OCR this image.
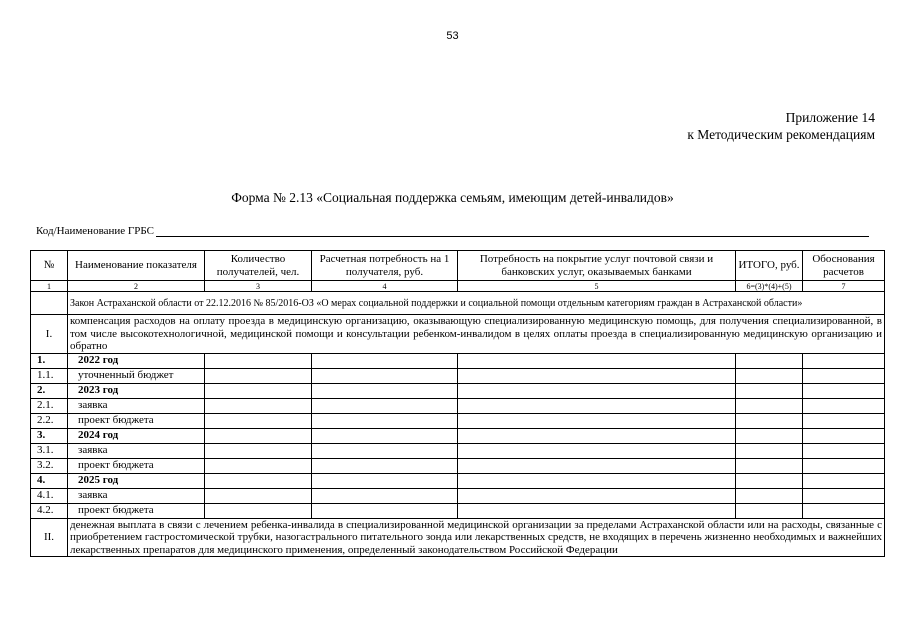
53
Приложение 14
к Методическим рекомендациям
Форма № 2.13 «Социальная поддержка семьям, имеющим детей-инвалидов»
Код/Наименование ГРБС
№	Наименование показателя	Количество получателей, чел.	Расчетная потребность на 1 получателя, руб.	Потребность на покрытие услуг почтовой связи и банковских услуг, оказываемых банками	ИТОГО, руб.	Обоснования расчетов
1	2	3	4	5	6=(3)*(4)+(5)	7
	Закон Астраханской области от 22.12.2016 № 85/2016-ОЗ «О мерах социальной поддержки и социальной помощи отдельным категориям граждан в Астраханской области»					
I.	компенсация расходов на оплату проезда в медицинскую организацию, оказывающую специализированную медицинскую помощь, для получения специализированной, в том числе высокотехнологичной, медицинской помощи и консультации ребенком-инвалидом в целях оплаты проезда в специализированную медицинскую организацию и обратно					
1.	2022 год					
1.1.	уточненный бюджет					
2.	2023 год					
2.1.	заявка					
2.2.	проект бюджета					
3.	2024 год					
3.1.	заявка					
3.2.	проект бюджета					
4.	2025 год					
4.1.	заявка					
4.2.	проект бюджета					
II.	денежная выплата в связи с лечением ребенка-инвалида в специализированной медицинской организации за пределами Астраханской области или на расходы, связанные с приобретением гастростомической трубки, назогастрального питательного зонда или лекарственных средств, не входящих в перечень жизненно необходимых и важнейших лекарственных препаратов для медицинского применения, определенный законодательством Российской Федерации					
